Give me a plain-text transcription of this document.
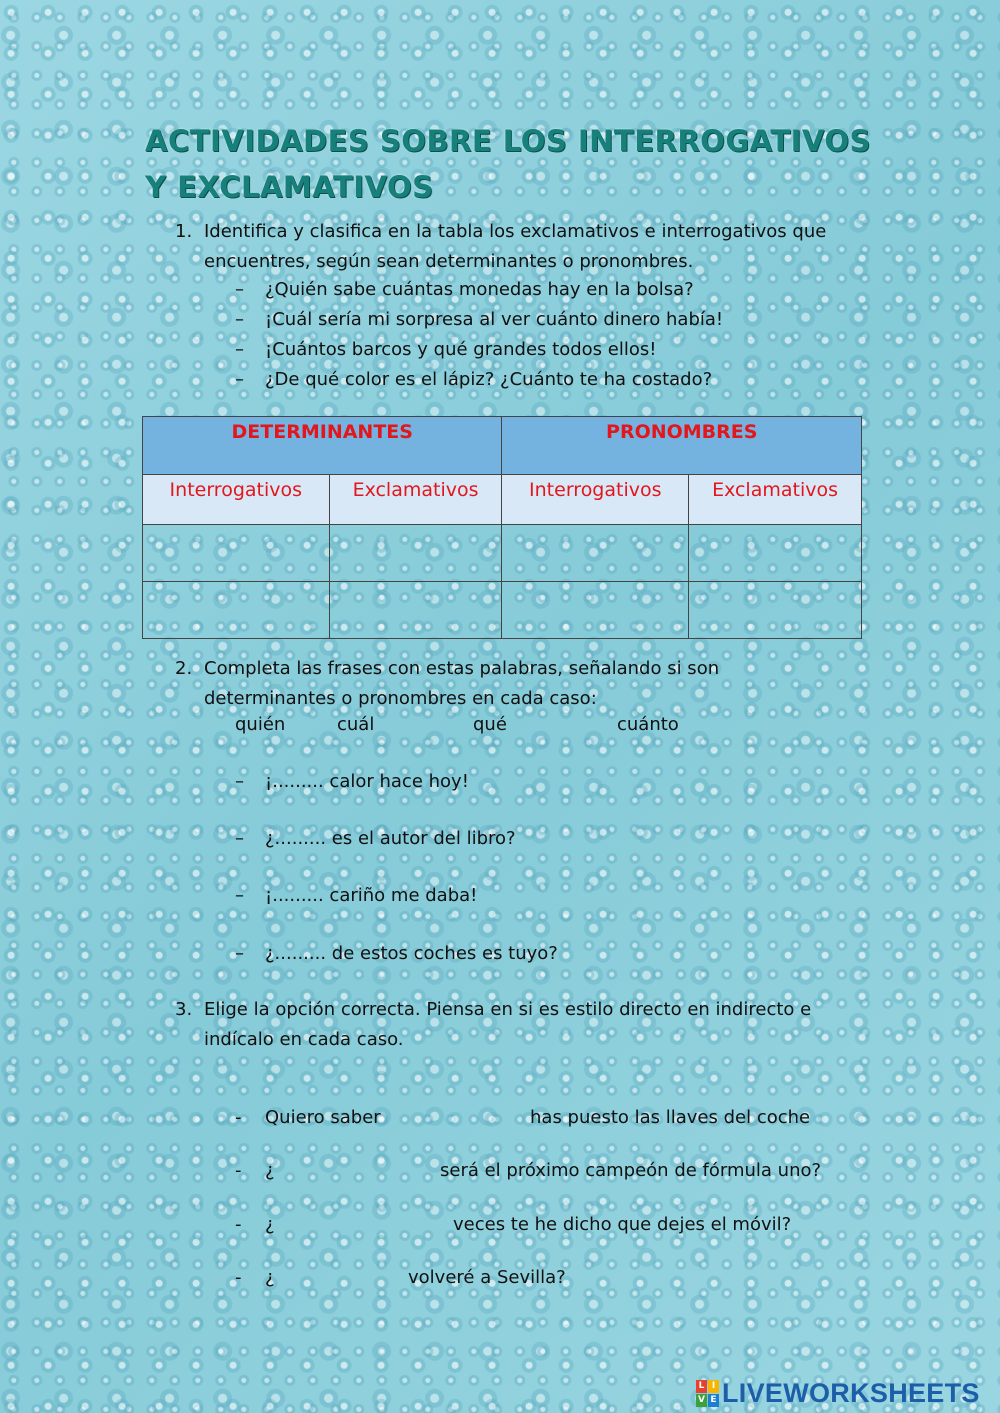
ACTIVIDADES SOBRE LOS INTERROGATIVOS
Y EXCLAMATIVOS
1. Identifica y clasifica en la tabla los exclamativos e interrogativos que
encuentres, según sean determinantes o pronombres.
– ¿Quién sabe cuántas monedas hay en la bolsa?
– ¡Cuál sería mi sorpresa al ver cuánto dinero había!
– ¡Cuántos barcos y qué grandes todos ellos!
– ¿De qué color es el lápiz? ¿Cuánto te ha costado?
DETERMINANTES		PRONOMBRES	
Interrogativos	Exclamativos	Interrogativos	Exclamativos

2. Completa las frases con estas palabras, señalando si son
determinantes o pronombres en cada caso:
quién	cuál	qué	cuánto
– ¡......... calor hace hoy!
– ¿......... es el autor del libro?
– ¡......... cariño me daba!
– ¿......... de estos coches es tuyo?
3. Elige la opción correcta. Piensa en si es estilo directo en indirecto e
indícalo en cada caso.
- Quiero saber	has puesto las llaves del coche
- ¿	será el próximo campeón de fórmula uno?
- ¿	veces te he dicho que dejes el móvil?
- ¿	volveré a Sevilla?
L I
V E LIVEWORKSHEETS
